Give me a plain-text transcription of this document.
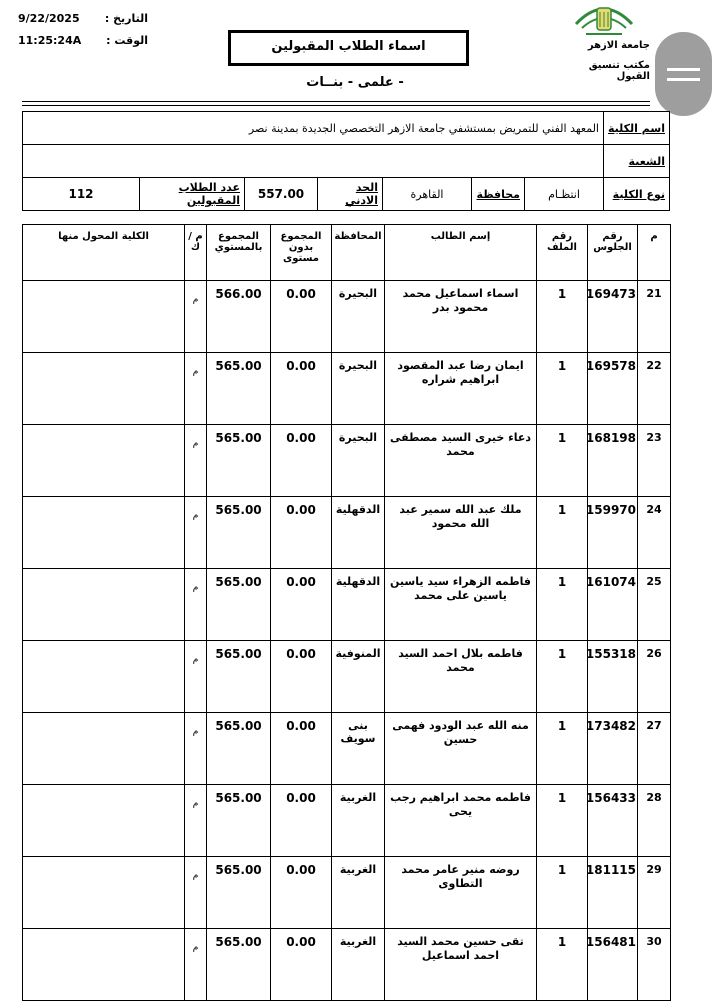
9/22/2025	التاريخ :
11:25:24A	الوقت :	اسماء الطلاب المقبولين
- علمى - بنــات
جامعة الازهر
مكتب تنسيق القبول
اسم الكلية	المعهد الفني للتمريض بمستشفي جامعة الازهر التخصصي الجديدة بمدينة نصر						
الشعبة							
نوع الكلية	انتظـام	محافظة	القاهرة	الحد الادني	557.00	عدد الطلاب المقبولين	112
م	رقم الجلوس	رقم الملف	إسم الطالب	المحافظة	المجموع بدون مستوى	المجموع بالمستوي	م / ك	الكلية المحول منها
21	169473	1	اسماء اسماعيل محمد محمود بدر	البحيرة	0.00	566.00	م	
22	169578	1	ايمان رضا عبد المقصود ابراهيم شراره	البحيرة	0.00	565.00	م	
23	168198	1	دعاء خيرى السيد مصطفى محمد	البحيرة	0.00	565.00	م	
24	159970	1	ملك عبد الله سمير عبد الله محمود	الدقهلية	0.00	565.00	م	
25	161074	1	فاطمه الزهراء سيد ياسين ياسين على محمد	الدقهلية	0.00	565.00	م	
26	155318	1	فاطمه بلال احمد السيد محمد	المنوفية	0.00	565.00	م	
27	173482	1	منه الله عبد الودود فهمى حسين	بنى سويف	0.00	565.00	م	
28	156433	1	فاطمه محمد ابراهيم رجب يحى	الغربية	0.00	565.00	م	
29	181115	1	روضه منير عامر محمد التطاوى	الغربية	0.00	565.00	م	
30	156481	1	تقى حسين محمد السيد احمد اسماعيل	الغربية	0.00	565.00	م	
